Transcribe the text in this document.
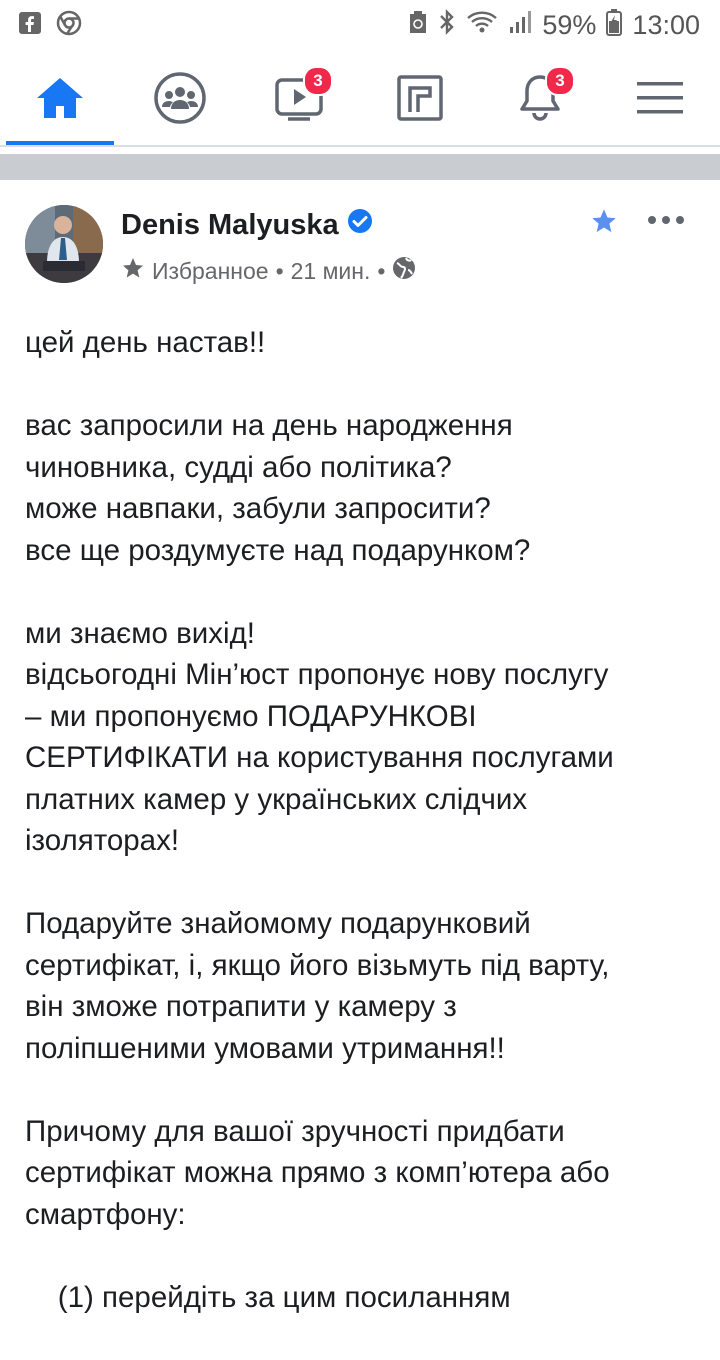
59% 13:00
3	3
Denis Malyuska
Избранное • 21 мин. •

цей день настав!!

вас запросили на день народження
чиновника, судді або політика?
може навпаки, забули запросити?
все ще роздумуєте над подарунком?

ми знаємо вихід!
відсьогодні Мін’юст пропонує нову послугу
– ми пропонуємо ПОДАРУНКОВІ
СЕРТИФІКАТИ на користування послугами
платних камер у українських слідчих
ізоляторах!

Подаруйте знайомому подарунковий
сертифікат, і, якщо його візьмуть під варту,
він зможе потрапити у камеру з
поліпшеними умовами утримання!!

Причому для вашої зручності придбати
сертифікат можна прямо з комп’ютера або
смартфону:

(1) перейдіть за цим посиланням
